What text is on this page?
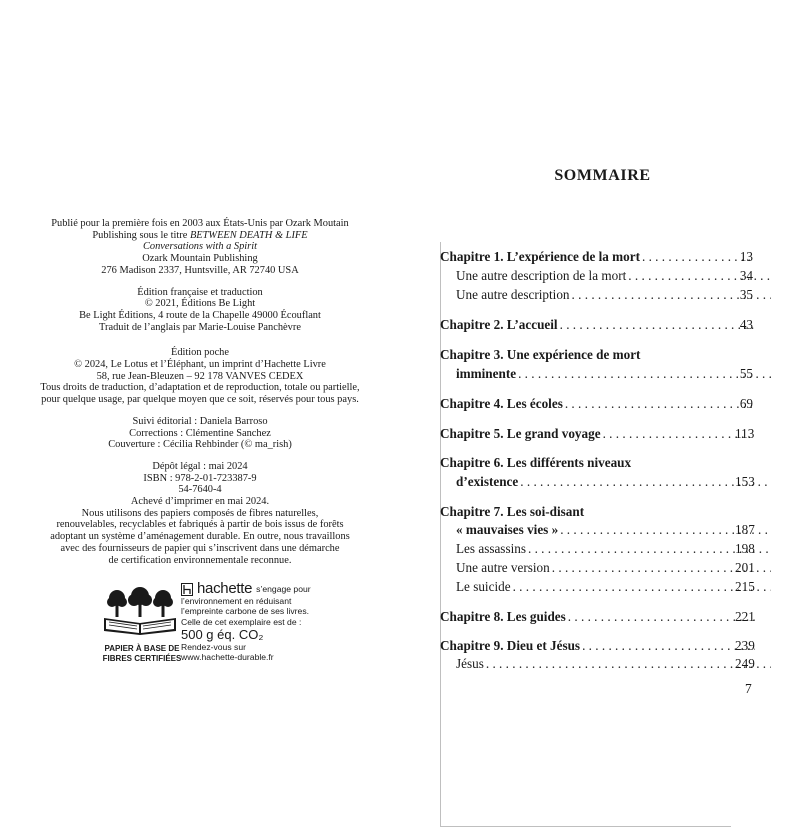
Publié pour la première fois en 2003 aux États-Unis par Ozark Moutain
Publishing sous le titre BETWEEN DEATH & LIFE
Conversations with a Spirit
Ozark Mountain Publishing
276 Madison 2337, Huntsville, AR 72740 USA
Édition française et traduction
© 2021, Éditions Be Light
Be Light Éditions, 4 route de la Chapelle 49000 Écouflant
Traduit de l’anglais par Marie-Louise Panchèvre
Édition poche
© 2024, Le Lotus et l’Éléphant, un imprint d’Hachette Livre
58, rue Jean-Bleuzen – 92 178 VANVES CEDEX
Tous droits de traduction, d’adaptation et de reproduction, totale ou partielle,
pour quelque usage, par quelque moyen que ce soit, réservés pour tous pays.
Suivi éditorial : Daniela Barroso
Corrections : Clémentine Sanchez
Couverture : Cécilia Rehbinder (© ma_rish)
Dépôt légal : mai 2024
ISBN : 978-2-01-723387-9
54-7640-4
Achevé d’imprimer en mai 2024.
Nous utilisons des papiers composés de fibres naturelles,
renouvelables, recyclables et fabriqués à partir de bois issus de forêts
adoptant un système d’aménagement durable. En outre, nous travaillons
avec des fournisseurs de papier qui s’inscrivent dans une démarche
de certification environnementale reconnue.
PAPIER À BASE DE
FIBRES CERTIFIÉES
hachette s’engage pour
l’environnement en réduisant
l’empreinte carbone de ses livres.
Celle de cet exemplaire est de :
500 g éq. CO₂
Rendez-vous sur
www.hachette-durable.fr
SOMMAIRE
Chapitre 1. L’expérience de la mort . . .	13
Une autre description de la mort . . .	34
Une autre description . . .	35
Chapitre 2. L’accueil . . .	43
Chapitre 3. Une expérience de mort
imminente . . .	55
Chapitre 4. Les écoles . . .	69
Chapitre 5. Le grand voyage . . .	113
Chapitre 6. Les différents niveaux
d’existence . . .	153
Chapitre 7. Les soi-disant
« mauvaises vies » . . .	187
Les assassins . . .	198
Une autre version . . .	201
Le suicide . . .	215
Chapitre 8. Les guides . . .	221
Chapitre 9. Dieu et Jésus . . .	239
Jésus . . .	249
7
